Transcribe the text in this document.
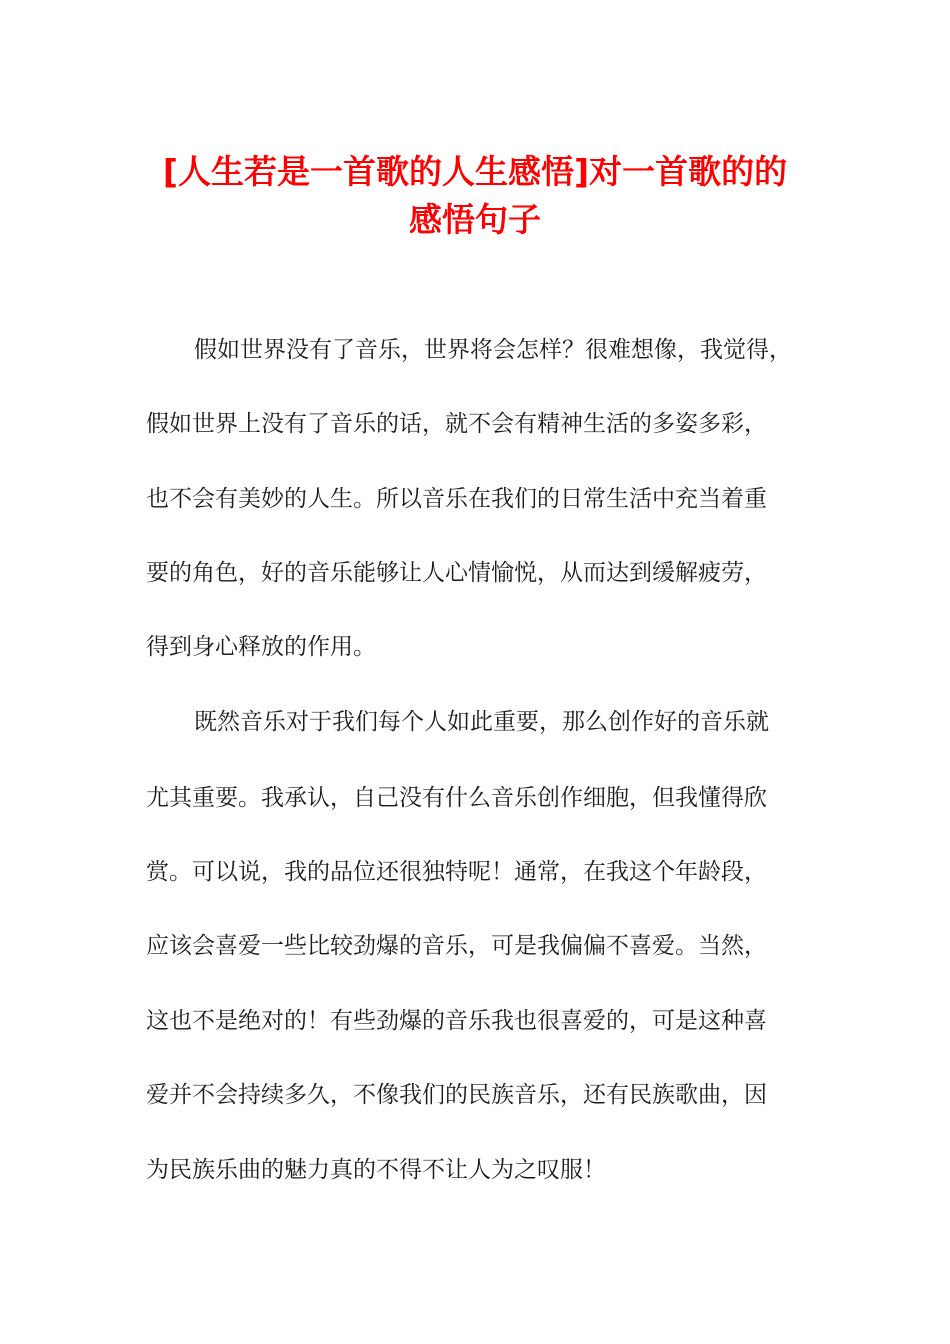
[人生若是一首歌的人生感悟]对一首歌的的
感悟句子

假如世界没有了音乐，世界将会怎样？很难想像，我觉得，

假如世界上没有了音乐的话，就不会有精神生活的多姿多彩，

也不会有美妙的人生。所以音乐在我们的日常生活中充当着重

要的角色，好的音乐能够让人心情愉悦，从而达到缓解疲劳，

得到身心释放的作用。

既然音乐对于我们每个人如此重要，那么创作好的音乐就

尤其重要。我承认，自己没有什么音乐创作细胞，但我懂得欣

赏。可以说，我的品位还很独特呢！通常，在我这个年龄段，

应该会喜爱一些比较劲爆的音乐，可是我偏偏不喜爱。当然，

这也不是绝对的！有些劲爆的音乐我也很喜爱的，可是这种喜

爱并不会持续多久，不像我们的民族音乐，还有民族歌曲，因

为民族乐曲的魅力真的不得不让人为之叹服！
